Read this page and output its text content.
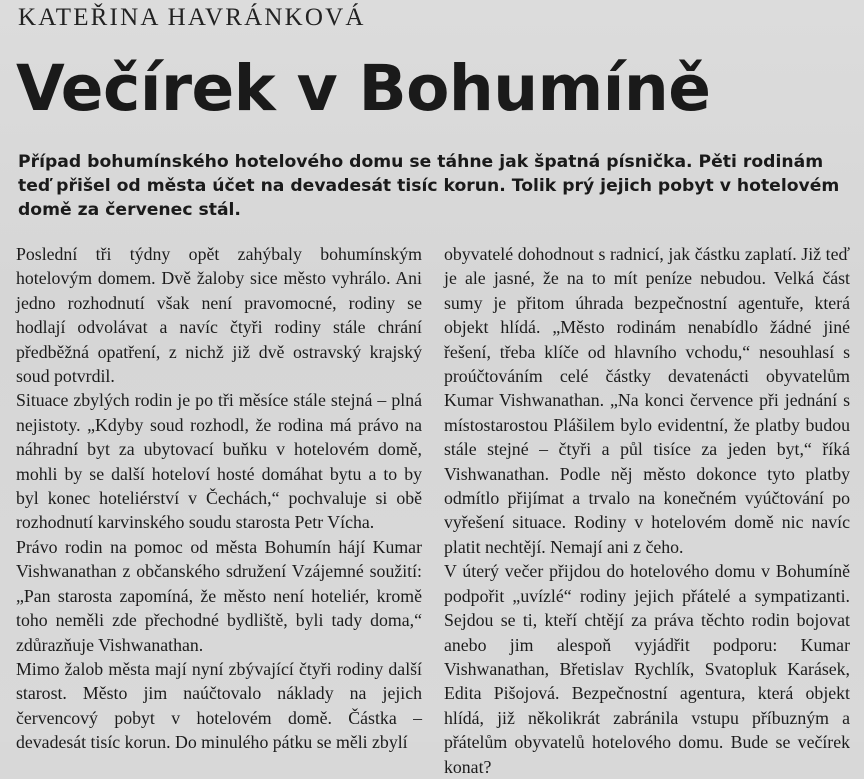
KATEŘINA HAVRÁNKOVÁ
Večírek v Bohumíně
Případ bohumínského hotelového domu se táhne jak špatná písnička. Pěti rodinám teď přišel od města účet na devadesát tisíc korun. Tolik prý jejich pobyt v hotelovém domě za červenec stál.

Poslední tři týdny opět zahýbaly bohumínským hotelovým domem. Dvě žaloby sice město vyhrálo. Ani jedno rozhodnutí však není pravomocné, rodiny se hodlají odvolávat a navíc čtyři rodiny stále chrání předběžná opatření, z nichž již dvě ostravský krajský soud potvrdil.

Situace zbylých rodin je po tři měsíce stále stejná – plná nejistoty. „Kdyby soud rozhodl, že rodina má právo na náhradní byt za ubytovací buňku v hotelovém domě, mohli by se další hoteloví hosté domáhat bytu a to by byl konec hoteliérství v Čechách,“ pochvaluje si obě rozhodnutí karvinského soudu starosta Petr Vícha.

Právo rodin na pomoc od města Bohumín hájí Kumar Vishwanathan z občanského sdružení Vzájemné soužití: „Pan starosta zapomíná, že město není hoteliér, kromě toho neměli zde přechodné bydliště, byli tady doma,“ zdůrazňuje Vishwanathan.

Mimo žalob města mají nyní zbývající čtyři rodiny další starost. Město jim naúčtovalo náklady na jejich červencový pobyt v hotelovém domě. Částka – devadesát tisíc korun. Do minulého pátku se měli zbylí

obyvatelé dohodnout s radnicí, jak částku zaplatí. Již teď je ale jasné, že na to mít peníze nebudou. Velká část sumy je přitom úhrada bezpečnostní agentuře, která objekt hlídá. „Město rodinám nenabídlo žádné jiné řešení, třeba klíče od hlavního vchodu,“ nesouhlasí s proúčtováním celé částky devatenácti obyvatelům Kumar Vishwanathan. „Na konci července při jednání s místostarostou Plášilem bylo evidentní, že platby budou stále stejné – čtyři a půl tisíce za jeden byt,“ říká Vishwanathan. Podle něj město dokonce tyto platby odmítlo přijímat a trvalo na konečném vyúčtování po vyřešení situace. Rodiny v hotelovém domě nic navíc platit nechtějí. Nemají ani z čeho.

V úterý večer přijdou do hotelového domu v Bohumíně podpořit „uvízlé“ rodiny jejich přátelé a sympatizanti. Sejdou se ti, kteří chtějí za práva těchto rodin bojovat anebo jim alespoň vyjádřit podporu: Kumar Vishwanathan, Břetislav Rychlík, Svatopluk Karásek, Edita Pišojová. Bezpečnostní agentura, která objekt hlídá, již několikrát zabránila vstupu příbuzným a přátelům obyvatelů hotelového domu. Bude se večírek konat?
